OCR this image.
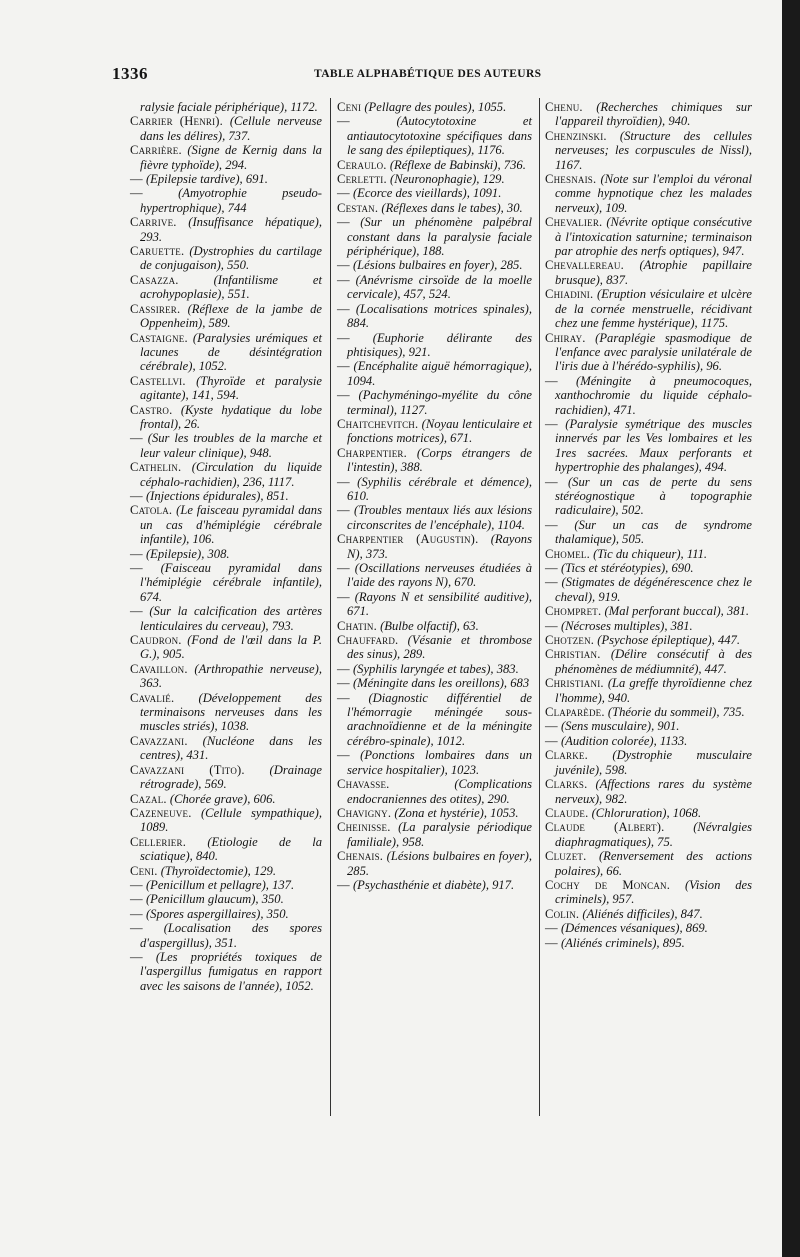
1336	TABLE ALPHABÉTIQUE DES AUTEURS

ralysie faciale périphérique), 1172.

Carrier (Henri). (Cellule nerveuse dans les délires), 737.

Carrière. (Signe de Kernig dans la fièvre typhoïde), 294.

— (Epilepsie tardive), 691.

—	(Amyotrophie pseudo-hypertrophique), 744

Carrive. (Insuffisance hépatique), 293.

Caruette. (Dystrophies du cartilage de conjugaison), 550.

Casazza.	(Infantilisme et acrohypoplasie), 551.

Cassirer. (Réflexe de la jambe de Oppenheim), 589.

Castaigne. (Paralysies urémiques et lacunes de désintégration cérébrale), 1052.

Castellvi. (Thyroïde et paralysie agitante), 141, 594.

Castro. (Kyste hydatique du lobe frontal), 26.

— (Sur les troubles de la marche et leur valeur clinique), 948.

Cathelin. (Circulation du liquide céphalo-rachidien), 236, 1117.

— (Injections épidurales), 851.

Catola. (Le faisceau pyramidal dans un cas d'hémiplégie cérébrale infantile), 106.

— (Epilepsie), 308.

— (Faisceau pyramidal dans l'hémiplégie cérébrale infantile), 674.

— (Sur la calcification des artères lenticulaires du cerveau), 793.

Caudron. (Fond de l'œil dans la P. G.), 905.

Cavaillon. (Arthropathie nerveuse), 363.

Cavalié. (Développement des terminaisons nerveuses dans les muscles striés), 1038.

Cavazzani. (Nucléone dans les centres), 431.

Cavazzani (Tito). (Drainage rétrograde), 569.

Cazal. (Chorée grave), 606.

Cazeneuve. (Cellule sympathique), 1089.

Cellerier. (Etiologie de la sciatique), 840.

Ceni. (Thyroïdectomie), 129.

— (Penicillum et pellagre), 137.

— (Penicillum glaucum), 350.

— (Spores aspergillaires), 350.

— (Localisation des spores d'aspergillus), 351.

— (Les propriétés toxiques de l'aspergillus fumigatus en rapport avec les saisons de l'année), 1052.

Ceni (Pellagre des poules), 1055.

—	(Autocytotoxine et antiautocytotoxine spécifiques dans le sang des épileptiques), 1176.

Ceraulo. (Réflexe de Babinski), 736.

Cerletti. (Neuronophagie), 129.

— (Ecorce des vieillards), 1091.

Cestan. (Réflexes dans le tabes), 30.

— (Sur un phénomène palpébral constant dans la paralysie faciale périphérique), 188.

— (Lésions bulbaires en foyer), 285.

— (Anévrisme cirsoïde de la moelle cervicale), 457, 524.

— (Localisations motrices spinales), 884.

— (Euphorie délirante des phtisiques), 921.

— (Encéphalite aiguë hémorragique), 1094.

— (Pachyméningo-myélite du cône terminal), 1127.

Chaitchevitch. (Noyau lenticulaire et fonctions motrices), 671.

Charpentier. (Corps étrangers de l'intestin), 388.

— (Syphilis cérébrale et démence), 610.

— (Troubles mentaux liés aux lésions circonscrites de l'encéphale), 1104.

Charpentier (Augustin). (Rayons N), 373.

— (Oscillations nerveuses étudiées à l'aide des rayons N), 670.

— (Rayons N et sensibilité auditive), 671.

Chatin. (Bulbe olfactif), 63.

Chauffard. (Vésanie et thrombose des sinus), 289.

— (Syphilis laryngée et tabes), 383.

— (Méningite dans les oreillons), 683

— (Diagnostic différentiel de l'hémorragie méningée sous-arachnoïdienne et de la méningite cérébro-spinale), 1012.

— (Ponctions lombaires dans un service hospitalier), 1023.

Chavasse.	(Complications endocraniennes des otites), 290.

Chavigny. (Zona et hystérie), 1053.

Cheinisse. (La paralysie périodique familiale), 958.

Chenais. (Lésions bulbaires en foyer), 285.

— (Psychasthénie et diabète), 917.

Chenu. (Recherches chimiques sur l'appareil thyroïdien), 940.

Chenzinski. (Structure des cellules nerveuses; les corpuscules de Nissl), 1167.

Chesnais. (Note sur l'emploi du véronal comme hypnotique chez les malades nerveux), 109.

Chevalier. (Névrite optique consécutive à l'intoxication saturnine; terminaison par atrophie des nerfs optiques), 947.

Chevallereau. (Atrophie papillaire brusque), 837.

Chiadini. (Eruption vésiculaire et ulcère de la cornée menstruelle, récidivant chez une femme hystérique), 1175.

Chiray. (Paraplégie spasmodique de l'enfance avec paralysie unilatérale de l'iris due à l'hérédo-syphilis), 96.

— (Méningite à pneumocoques, xanthochromie du liquide céphalo-rachidien), 471.

— (Paralysie symétrique des muscles innervés par les Ves lombaires et les 1res sacrées. Maux perforants et hypertrophie des phalanges), 494.

— (Sur un cas de perte du sens stéréognostique à topographie radiculaire), 502.

— (Sur un cas de syndrome thalamique), 505.

Chomel. (Tic du chiqueur), 111.

— (Tics et stéréotypies), 690.

— (Stigmates de dégénérescence chez le cheval), 919.

Chompret. (Mal perforant buccal), 381.

— (Nécroses multiples), 381.

Chotzen. (Psychose épileptique), 447.

Christian. (Délire consécutif à des phénomènes de médiumnité), 447.

Christiani. (La greffe thyroïdienne chez l'homme), 940.

Claparède. (Théorie du sommeil), 735.

— (Sens musculaire), 901.

— (Audition colorée), 1133.

Clarke. (Dystrophie musculaire juvénile), 598.

Clarks. (Affections rares du système nerveux), 982.

Claude. (Chloruration), 1068.

Claude (Albert). (Névralgies diaphragmatiques), 75.

Cluzet. (Renversement des actions polaires), 66.

Cochy de Moncan. (Vision des criminels), 957.

Colin. (Aliénés difficiles), 847.

— (Démences vésaniques), 869.

— (Aliénés criminels), 895.
